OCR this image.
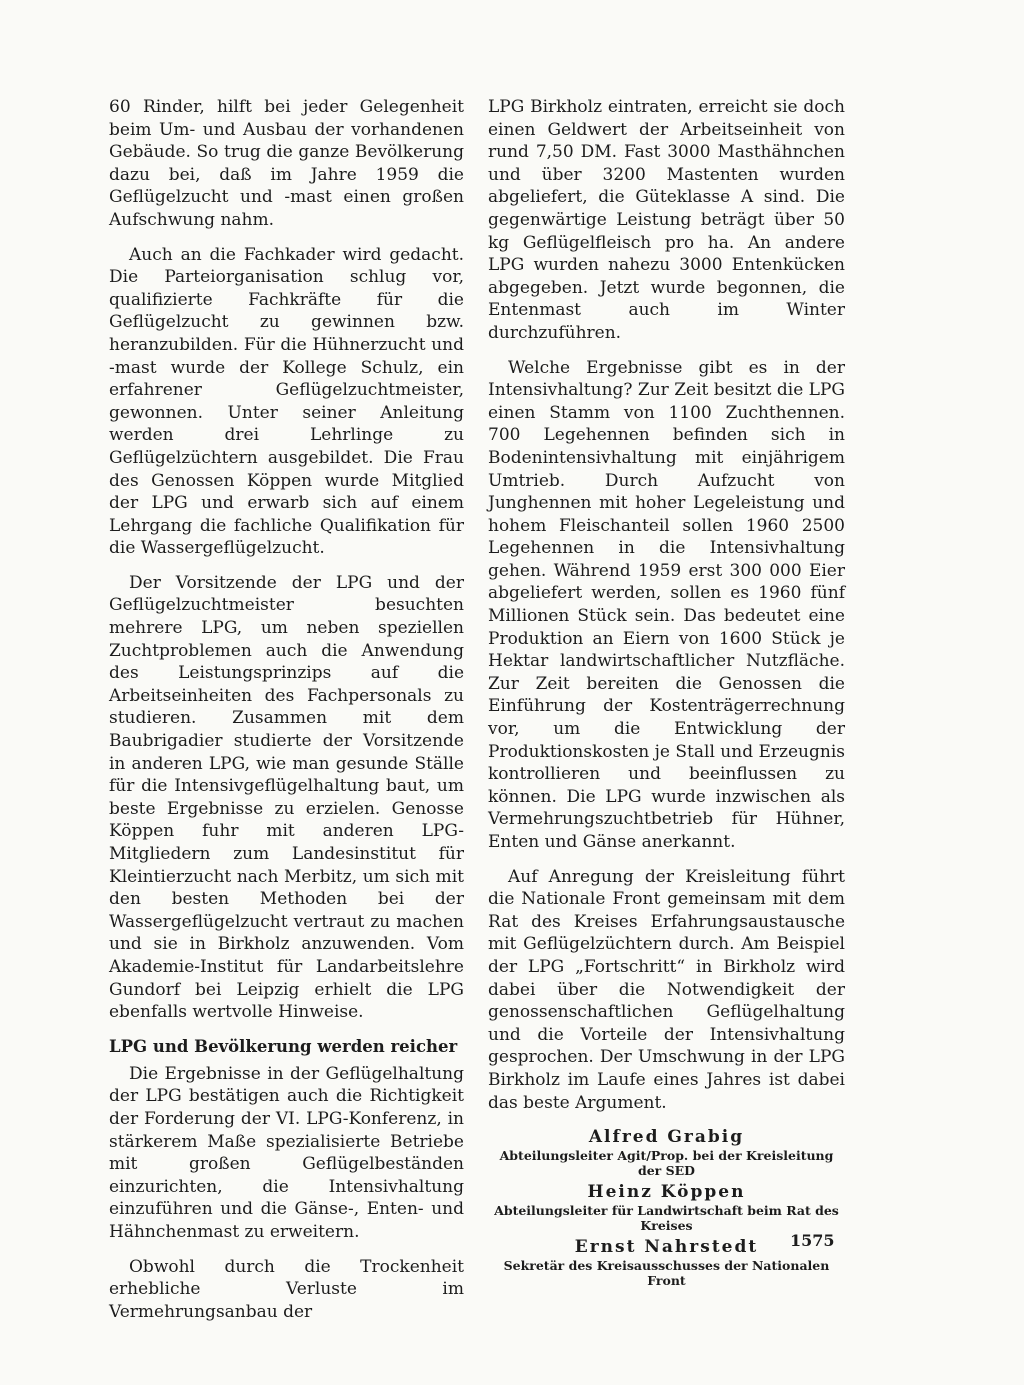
60 Rinder, hilft bei jeder Gelegenheit beim Um- und Ausbau der vorhandenen Gebäude. So trug die ganze Bevölkerung dazu bei, daß im Jahre 1959 die Geflügelzucht und -mast einen großen Aufschwung nahm.

Auch an die Fachkader wird gedacht. Die Parteiorganisation schlug vor, qualifizierte Fachkräfte für die Geflügelzucht zu gewinnen bzw. heranzubilden. Für die Hühnerzucht und -mast wurde der Kollege Schulz, ein erfahrener Geflügelzuchtmeister, gewonnen. Unter seiner Anleitung werden drei Lehrlinge zu Geflügelzüchtern ausgebildet. Die Frau des Genossen Köppen wurde Mitglied der LPG und erwarb sich auf einem Lehrgang die fachliche Qualifikation für die Wassergeflügelzucht.

Der Vorsitzende der LPG und der Geflügelzuchtmeister besuchten mehrere LPG, um neben speziellen Zuchtproblemen auch die Anwendung des Leistungsprinzips auf die Arbeitseinheiten des Fachpersonals zu studieren. Zusammen mit dem Baubrigadier studierte der Vorsitzende in anderen LPG, wie man gesunde Ställe für die Intensivgeflügelhaltung baut, um beste Ergebnisse zu erzielen. Genosse Köppen fuhr mit anderen LPG-Mitgliedern zum Landesinstitut für Kleintierzucht nach Merbitz, um sich mit den besten Methoden bei der Wassergeflügelzucht vertraut zu machen und sie in Birkholz anzuwenden. Vom Akademie-Institut für Landarbeitslehre Gundorf bei Leipzig erhielt die LPG ebenfalls wertvolle Hinweise.

LPG und Bevölkerung werden reicher

Die Ergebnisse in der Geflügelhaltung der LPG bestätigen auch die Richtigkeit der Forderung der VI. LPG-Konferenz, in stärkerem Maße spezialisierte Betriebe mit großen Geflügelbeständen einzurichten, die Intensivhaltung einzuführen und die Gänse-, Enten- und Hähnchenmast zu erweitern.

Obwohl durch die Trockenheit erhebliche Verluste im Vermehrungsanbau der

LPG Birkholz eintraten, erreicht sie doch einen Geldwert der Arbeitseinheit von rund 7,50 DM. Fast 3000 Masthähnchen und über 3200 Mastenten wurden abgeliefert, die Güteklasse A sind. Die gegenwärtige Leistung beträgt über 50 kg Geflügelfleisch pro ha. An andere LPG wurden nahezu 3000 Entenkücken abgegeben. Jetzt wurde begonnen, die Entenmast auch im Winter durchzuführen.

Welche Ergebnisse gibt es in der Intensivhaltung? Zur Zeit besitzt die LPG einen Stamm von 1100 Zuchthennen. 700 Legehennen befinden sich in Bodenintensivhaltung mit einjährigem Umtrieb. Durch Aufzucht von Junghennen mit hoher Legeleistung und hohem Fleischanteil sollen 1960 2500 Legehennen in die Intensivhaltung gehen. Während 1959 erst 300 000 Eier abgeliefert werden, sollen es 1960 fünf Millionen Stück sein. Das bedeutet eine Produktion an Eiern von 1600 Stück je Hektar landwirtschaftlicher Nutzfläche. Zur Zeit bereiten die Genossen die Einführung der Kostenträgerrechnung vor, um die Entwicklung der Produktionskosten je Stall und Erzeugnis kontrollieren und beeinflussen zu können. Die LPG wurde inzwischen als Vermehrungszuchtbetrieb für Hühner, Enten und Gänse anerkannt.

Auf Anregung der Kreisleitung führt die Nationale Front gemeinsam mit dem Rat des Kreises Erfahrungsaustausche mit Geflügelzüchtern durch. Am Beispiel der LPG „Fortschritt“ in Birkholz wird dabei über die Notwendigkeit der genossenschaftlichen Geflügelhaltung und die Vorteile der Intensivhaltung gesprochen. Der Umschwung in der LPG Birkholz im Laufe eines Jahres ist dabei das beste Argument.

Alfred Grabig
Abteilungsleiter Agit/Prop. bei der Kreisleitung der SED
Heinz Köppen
Abteilungsleiter für Landwirtschaft beim Rat des Kreises
Ernst Nahrstedt
Sekretär des Kreisausschusses der Nationalen Front
1575
